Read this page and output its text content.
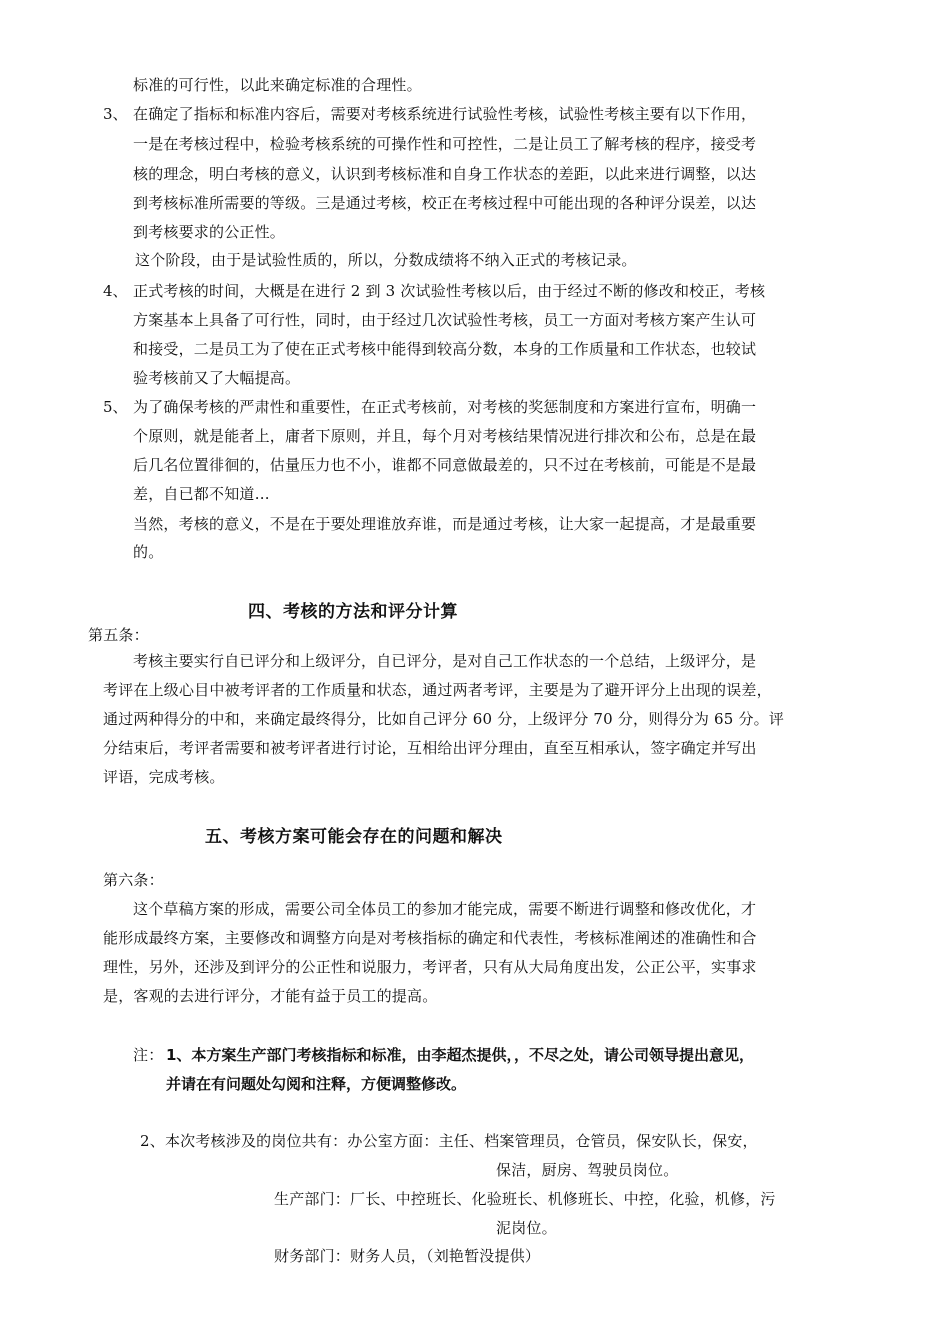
标准的可行性，以此来确定标准的合理性。
3、 在确定了指标和标准内容后，需要对考核系统进行试验性考核，试验性考核主要有以下作用，
一是在考核过程中，检验考核系统的可操作性和可控性，二是让员工了解考核的程序，接受考
核的理念，明白考核的意义，认识到考核标准和自身工作状态的差距，以此来进行调整，以达
到考核标准所需要的等级。三是通过考核，校正在考核过程中可能出现的各种评分误差，以达
到考核要求的公正性。
这个阶段，由于是试验性质的，所以，分数成绩将不纳入正式的考核记录。
4、 正式考核的时间，大概是在进行 2 到 3 次试验性考核以后，由于经过不断的修改和校正，考核
方案基本上具备了可行性，同时，由于经过几次试验性考核，员工一方面对考核方案产生认可
和接受，二是员工为了使在正式考核中能得到较高分数，本身的工作质量和工作状态，也较试
验考核前又了大幅提高。
5、 为了确保考核的严肃性和重要性，在正式考核前，对考核的奖惩制度和方案进行宣布，明确一
个原则，就是能者上，庸者下原则，并且，每个月对考核结果情况进行排次和公布，总是在最
后几名位置徘徊的，估量压力也不小，谁都不同意做最差的，只不过在考核前，可能是不是最
差，自已都不知道…
当然，考核的意义，不是在于要处理谁放弃谁，而是通过考核，让大家一起提高，才是最重要
的。
四、考核的方法和评分计算
第五条：
考核主要实行自已评分和上级评分，自已评分，是对自己工作状态的一个总结，上级评分，是
考评在上级心目中被考评者的工作质量和状态，通过两者考评，主要是为了避开评分上出现的误差，
通过两种得分的中和，来确定最终得分，比如自己评分 60 分，上级评分 70 分，则得分为 65 分。评
分结束后，考评者需要和被考评者进行讨论，互相给出评分理由，直至互相承认，签字确定并写出
评语，完成考核。
五、考核方案可能会存在的问题和解决
第六条：
这个草稿方案的形成，需要公司全体员工的参加才能完成，需要不断进行调整和修改优化，才
能形成最终方案，主要修改和调整方向是对考核指标的确定和代表性，考核标准阐述的准确性和合
理性，另外，还涉及到评分的公正性和说服力，考评者，只有从大局角度出发，公正公平，实事求
是，客观的去进行评分，才能有益于员工的提高。
注： 1、本方案生产部门考核指标和标准，由李超杰提供，，不尽之处，请公司领导提出意见，
并请在有问题处勾阅和注释，方便调整修改。
2、本次考核涉及的岗位共有：办公室方面：主任、档案管理员，仓管员，保安队长，保安，
保洁，厨房、驾驶员岗位。
生产部门：厂长、中控班长、化验班长、机修班长、中控，化验，机修，污
泥岗位。
财务部门：财务人员，（刘艳暂没提供）
